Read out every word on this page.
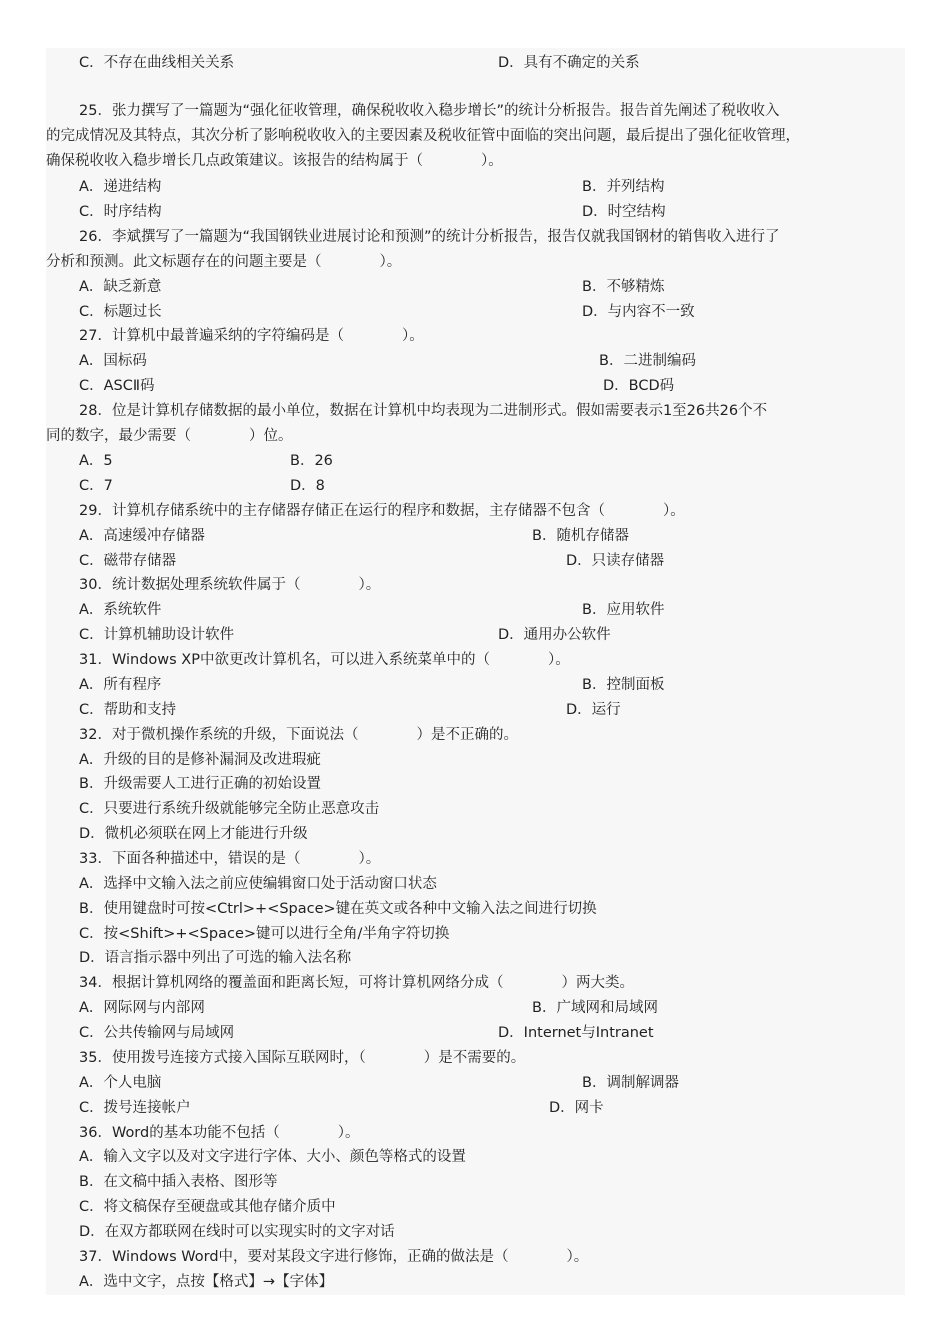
C．不存在曲线相关关系	D．具有不确定的关系
25．张力撰写了一篇题为“强化征收管理，确保税收收入稳步增长”的统计分析报告。报告首先阐述了税收收入
的完成情况及其特点，其次分析了影响税收收入的主要因素及税收征管中面临的突出问题，最后提出了强化征收管理，
确保税收收入稳步增长几点政策建议。该报告的结构属于（　　　　）。
A．递进结构	B．并列结构
C．时序结构	D．时空结构
26．李斌撰写了一篇题为“我国钢铁业进展讨论和预测”的统计分析报告，报告仅就我国钢材的销售收入进行了
分析和预测。此文标题存在的问题主要是（　　　　）。
A．缺乏新意	B．不够精炼
C．标题过长	D．与内容不一致
27．计算机中最普遍采纳的字符编码是（　　　　）。
A．国标码	B．二进制编码
C．ASCⅡ码	D．BCD码
28．位是计算机存储数据的最小单位，数据在计算机中均表现为二进制形式。假如需要表示1至26共26个不
同的数字，最少需要（　　　　）位。
A．5	B．26
C．7	D．8
29．计算机存储系统中的主存储器存储正在运行的程序和数据，主存储器不包含（　　　　）。
A．高速缓冲存储器	B．随机存储器
C．磁带存储器	D．只读存储器
30．统计数据处理系统软件属于（　　　　）。
A．系统软件	B．应用软件
C．计算机辅助设计软件	D．通用办公软件
31．Windows XP中欲更改计算机名，可以进入系统菜单中的（　　　　）。
A．所有程序	B．控制面板
C．帮助和支持	D．运行
32．对于微机操作系统的升级，下面说法（　　　　）是不正确的。
A．升级的目的是修补漏洞及改进瑕疵
B．升级需要人工进行正确的初始设置
C．只要进行系统升级就能够完全防止恶意攻击
D．微机必须联在网上才能进行升级
33．下面各种描述中，错误的是（　　　　）。
A．选择中文输入法之前应使编辑窗口处于活动窗口状态
B．使用键盘时可按<Ctrl>+<Space>键在英文或各种中文输入法之间进行切换
C．按<Shift>+<Space>键可以进行全角/半角字符切换
D．语言指示器中列出了可选的输入法名称
34．根据计算机网络的覆盖面和距离长短，可将计算机网络分成（　　　　）两大类。
A．网际网与内部网	B．广域网和局域网
C．公共传输网与局域网	D．Internet与Intranet
35．使用拨号连接方式接入国际互联网时，（　　　　）是不需要的。
A．个人电脑	B．调制解调器
C．拨号连接帐户	D．网卡
36．Word的基本功能不包括（　　　　）。
A．输入文字以及对文字进行字体、大小、颜色等格式的设置
B．在文稿中插入表格、图形等
C．将文稿保存至硬盘或其他存储介质中
D．在双方都联网在线时可以实现实时的文字对话
37．Windows Word中，要对某段文字进行修饰，正确的做法是（　　　　）。
A．选中文字，点按【格式】→【字体】
